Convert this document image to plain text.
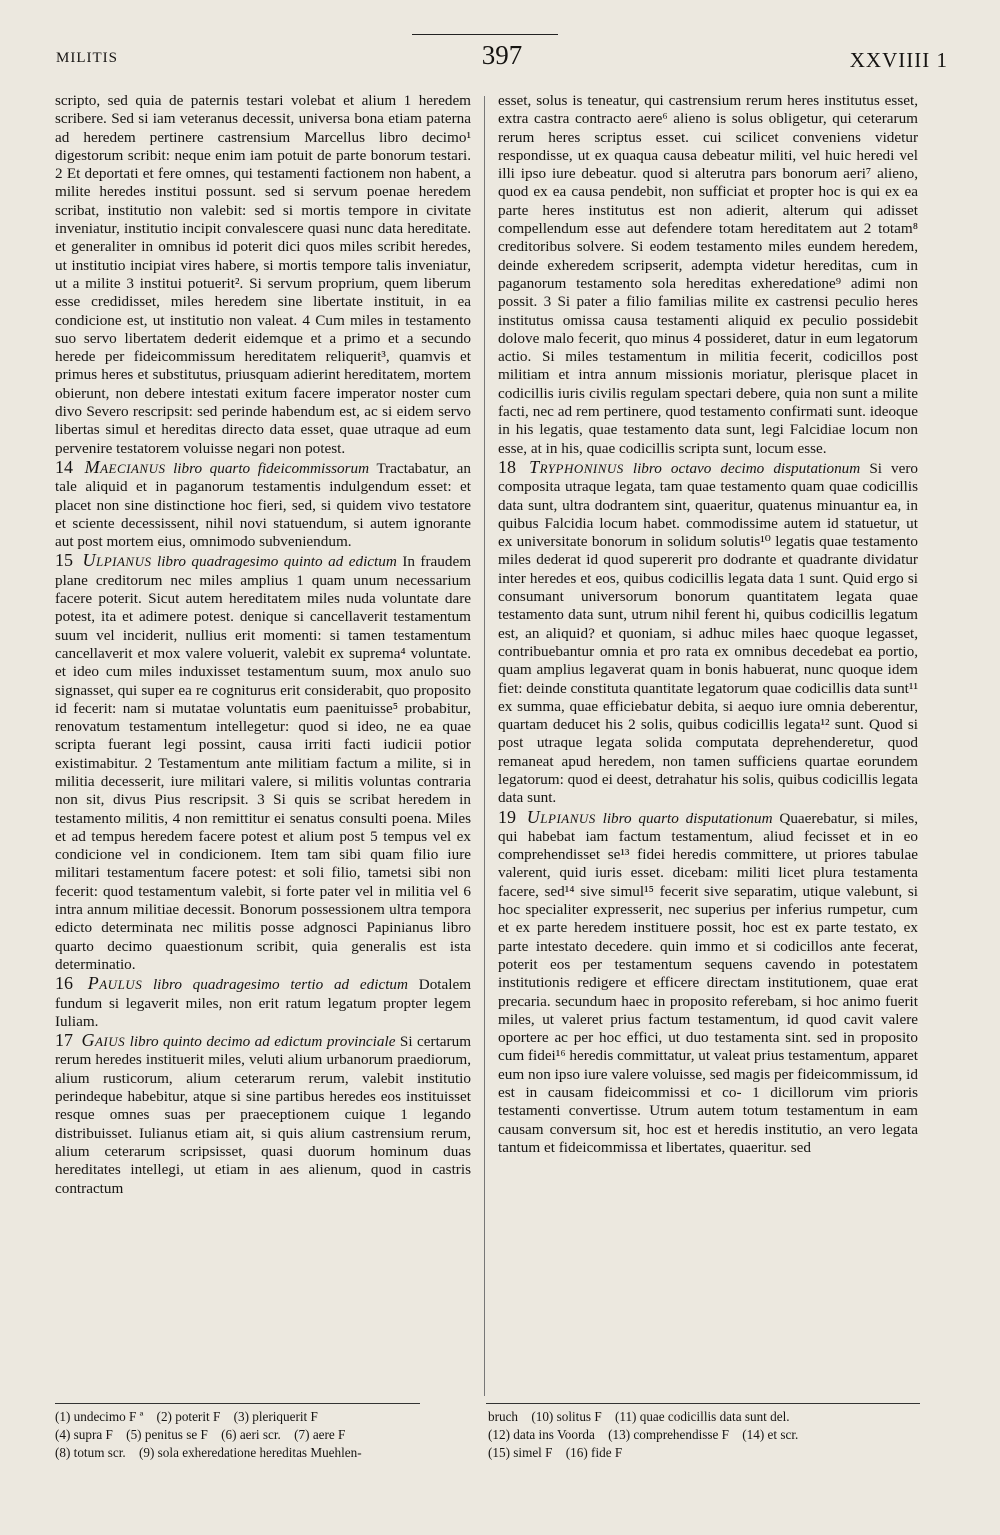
MILITIS	397	XXVIIII 1

scripto, sed quia de paternis testari volebat et alium 1 heredem scribere. Sed si iam veteranus decessit, universa bona etiam paterna ad heredem pertinere castrensium Marcellus libro decimo¹ digestorum scribit: neque enim iam potuit de parte bonorum testari. 2 Et deportati et fere omnes, qui testamenti factionem non habent, a milite heredes institui possunt. sed si servum poenae heredem scribat, institutio non valebit: sed si mortis tempore in civitate inveniatur, institutio incipit convalescere quasi nunc data hereditate. et generaliter in omnibus id poterit dici quos miles scribit heredes, ut institutio incipiat vires habere, si mortis tempore talis inveniatur, ut a milite 3 institui potuerit². Si servum proprium, quem liberum esse credidisset, miles heredem sine libertate instituit, in ea condicione est, ut institutio non valeat. 4 Cum miles in testamento suo servo libertatem dederit eidemque et a primo et a secundo herede per fideicommissum hereditatem reliquerit³, quamvis et primus heres et substitutus, priusquam adierint hereditatem, mortem obierunt, non debere intestati exitum facere imperator noster cum divo Severo rescripsit: sed perinde habendum est, ac si eidem servo libertas simul et hereditas directo data esset, quae utraque ad eum pervenire testatorem voluisse negari non potest.

14 Maecianus libro quarto fideicommissorum Tractabatur, an tale aliquid et in paganorum testamentis indulgendum esset: et placet non sine distinctione hoc fieri, sed, si quidem vivo testatore et sciente decessissent, nihil novi statuendum, si autem ignorante aut post mortem eius, omnimodo subveniendum.

15 Ulpianus libro quadragesimo quinto ad edictum In fraudem plane creditorum nec miles amplius 1 quam unum necessarium facere poterit. Sicut autem hereditatem miles nuda voluntate dare potest, ita et adimere potest. denique si cancellaverit testamentum suum vel inciderit, nullius erit momenti: si tamen testamentum cancellaverit et mox valere voluerit, valebit ex suprema⁴ voluntate. et ideo cum miles induxisset testamentum suum, mox anulo suo signasset, qui super ea re cogniturus erit considerabit, quo proposito id fecerit: nam si mutatae voluntatis eum paenituisse⁵ probabitur, renovatum testamentum intellegetur: quod si ideo, ne ea quae scripta fuerant legi possint, causa irriti facti iudicii potior existimabitur. 2 Testamentum ante militiam factum a milite, si in militia decesserit, iure militari valere, si militis voluntas contraria non sit, divus Pius rescripsit. 3 Si quis se scribat heredem in testamento militis, 4 non remittitur ei senatus consulti poena. Miles et ad tempus heredem facere potest et alium post 5 tempus vel ex condicione vel in condicionem. Item tam sibi quam filio iure militari testamentum facere potest: et soli filio, tametsi sibi non fecerit: quod testamentum valebit, si forte pater vel in militia vel 6 intra annum militiae decessit. Bonorum possessionem ultra tempora edicto determinata nec militis posse adgnosci Papinianus libro quarto decimo quaestionum scribit, quia generalis est ista determinatio.

16 Paulus libro quadragesimo tertio ad edictum Dotalem fundum si legaverit miles, non erit ratum legatum propter legem Iuliam.

17 Gaius libro quinto decimo ad edictum provinciale Si certarum rerum heredes instituerit miles, veluti alium urbanorum praediorum, alium rusticorum, alium ceterarum rerum, valebit institutio perindeque habebitur, atque si sine partibus heredes eos instituisset resque omnes suas per praeceptionem cuique 1 legando distribuisset. Iulianus etiam ait, si quis alium castrensium rerum, alium ceterarum scripsisset, quasi duorum hominum duas hereditates intellegi, ut etiam in aes alienum, quod in castris contractum

esset, solus is teneatur, qui castrensium rerum heres institutus esset, extra castra contracto aere⁶ alieno is solus obligetur, qui ceterarum rerum heres scriptus esset. cui scilicet conveniens videtur respondisse, ut ex quaqua causa debeatur militi, vel huic heredi vel illi ipso iure debeatur. quod si alterutra pars bonorum aeri⁷ alieno, quod ex ea causa pendebit, non sufficiat et propter hoc is qui ex ea parte heres institutus est non adierit, alterum qui adisset compellendum esse aut defendere totam hereditatem aut 2 totam⁸ creditoribus solvere. Si eodem testamento miles eundem heredem, deinde exheredem scripserit, adempta videtur hereditas, cum in paganorum testamento sola hereditas exheredatione⁹ adimi non possit. 3 Si pater a filio familias milite ex castrensi peculio heres institutus omissa causa testamenti aliquid ex peculio possidebit dolove malo fecerit, quo minus 4 possideret, datur in eum legatorum actio. Si miles testamentum in militia fecerit, codicillos post militiam et intra annum missionis moriatur, plerisque placet in codicillis iuris civilis regulam spectari debere, quia non sunt a milite facti, nec ad rem pertinere, quod testamento confirmati sunt. ideoque in his legatis, quae testamento data sunt, legi Falcidiae locum non esse, at in his, quae codicillis scripta sunt, locum esse.

18 Tryphoninus libro octavo decimo disputationum Si vero composita utraque legata, tam quae testamento quam quae codicillis data sunt, ultra dodrantem sint, quaeritur, quatenus minuantur ea, in quibus Falcidia locum habet. commodissime autem id statuetur, ut ex universitate bonorum in solidum solutis¹⁰ legatis quae testamento miles dederat id quod supererit pro dodrante et quadrante dividatur inter heredes et eos, quibus codicillis legata data 1 sunt. Quid ergo si consumant universorum bonorum quantitatem legata quae testamento data sunt, utrum nihil ferent hi, quibus codicillis legatum est, an aliquid? et quoniam, si adhuc miles haec quoque legasset, contribuebantur omnia et pro rata ex omnibus decedebat ea portio, quam amplius legaverat quam in bonis habuerat, nunc quoque idem fiet: deinde constituta quantitate legatorum quae codicillis data sunt¹¹ ex summa, quae efficiebatur debita, si aequo iure omnia deberentur, quartam deducet his 2 solis, quibus codicillis legata¹² sunt. Quod si post utraque legata solida computata deprehenderetur, quod remaneat apud heredem, non tamen sufficiens quartae eorundem legatorum: quod ei deest, detrahatur his solis, quibus codicillis legata data sunt.

19 Ulpianus libro quarto disputationum Quaerebatur, si miles, qui habebat iam factum testamentum, aliud fecisset et in eo comprehendisset se¹³ fidei heredis committere, ut priores tabulae valerent, quid iuris esset. dicebam: militi licet plura testamenta facere, sed¹⁴ sive simul¹⁵ fecerit sive separatim, utique valebunt, si hoc specialiter expresserit, nec superius per inferius rumpetur, cum et ex parte heredem instituere possit, hoc est ex parte testato, ex parte intestato decedere. quin immo et si codicillos ante fecerat, poterit eos per testamentum sequens cavendo in potestatem institutionis redigere et efficere directam institutionem, quae erat precaria. secundum haec in proposito referebam, si hoc animo fuerit miles, ut valeret prius factum testamentum, id quod cavit valere oportere ac per hoc effici, ut duo testamenta sint. sed in proposito cum fidei¹⁶ heredis committatur, ut valeat prius testamentum, apparet eum non ipso iure valere voluisse, sed magis per fideicommissum, id est in causam fideicommissi et co- 1 dicillorum vim prioris testamenti convertisse. Utrum autem totum testamentum in eam causam conversum sit, hoc est et heredis institutio, an vero legata tantum et fideicommissa et libertates, quaeritur. sed

(1) undecimo F ª (2) poterit F (3) pleriquerit F
(4) supra F (5) penitus se F (6) aeri scr. (7) aere F
(8) totum scr. (9) sola exheredatione hereditas Muehlen-
bruch (10) solitus F (11) quae codicillis data sunt del.
(12) data ins Voorda (13) comprehendisse F (14) et scr.
(15) simel F (16) fide F
